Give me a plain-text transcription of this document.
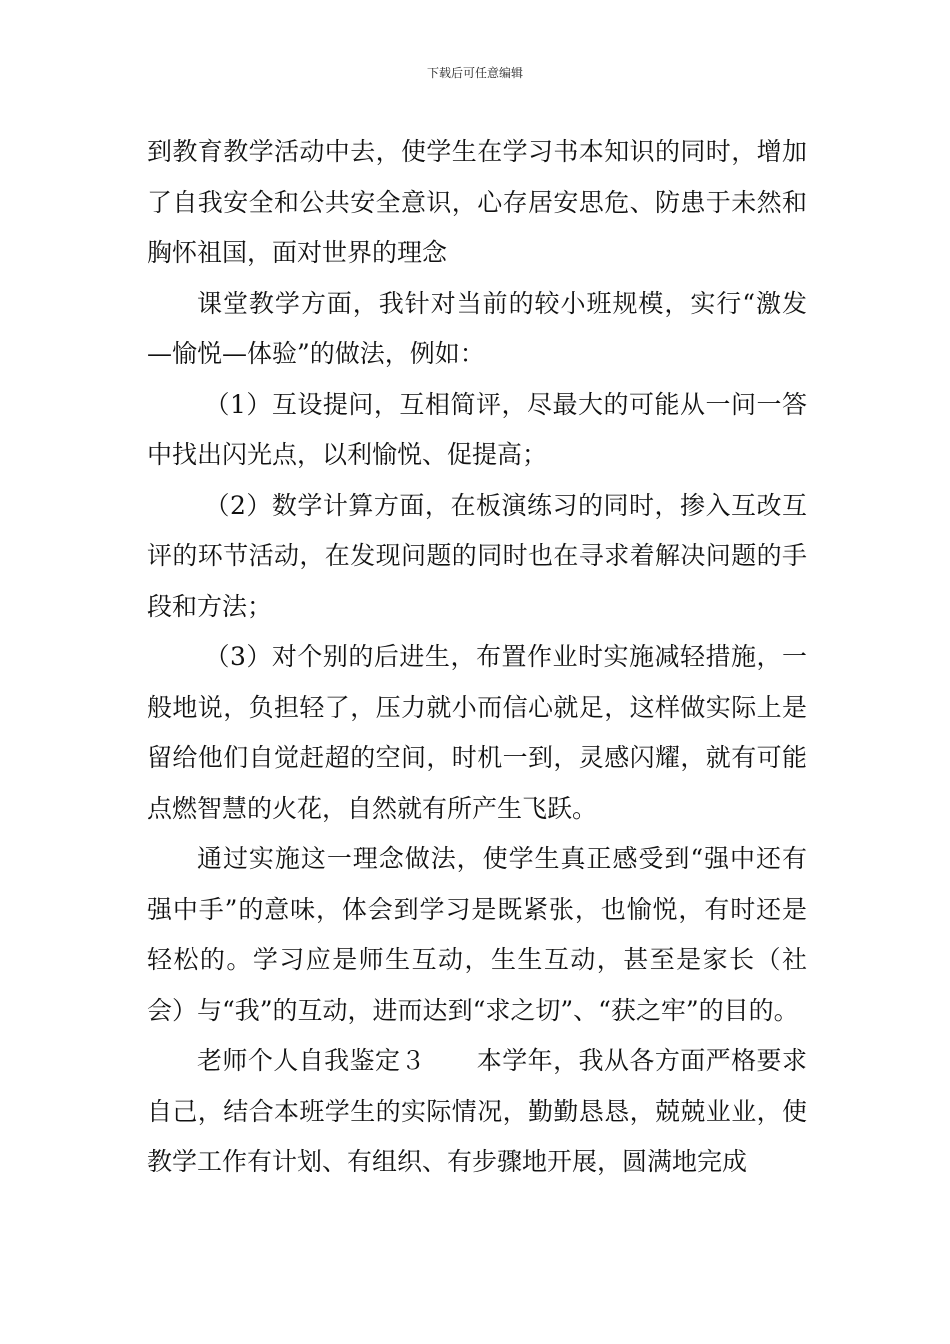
下载后可任意编辑

到教育教学活动中去，使学生在学习书本知识的同时，增加了自我安全和公共安全意识，心存居安思危、防患于未然和胸怀祖国，面对世界的理念

课堂教学方面，我针对当前的较小班规模，实行“激发—愉悦—体验”的做法，例如：

（1）互设提问，互相简评，尽最大的可能从一问一答中找出闪光点，以利愉悦、促提高；

（2）数学计算方面，在板演练习的同时，掺入互改互评的环节活动，在发现问题的同时也在寻求着解决问题的手段和方法；

（3）对个别的后进生，布置作业时实施减轻措施，一般地说，负担轻了，压力就小而信心就足，这样做实际上是留给他们自觉赶超的空间，时机一到，灵感闪耀，就有可能点燃智慧的火花，自然就有所产生飞跃。

通过实施这一理念做法，使学生真正感受到“强中还有强中手”的意味，体会到学习是既紧张，也愉悦，有时还是轻松的。学习应是师生互动，生生互动，甚至是家长（社会）与“我”的互动，进而达到“求之切”、“获之牢”的目的。

老师个人自我鉴定３　　本学年，我从各方面严格要求自己，结合本班学生的实际情况，勤勤恳恳，兢兢业业，使教学工作有计划、有组织、有步骤地开展，圆满地完成
